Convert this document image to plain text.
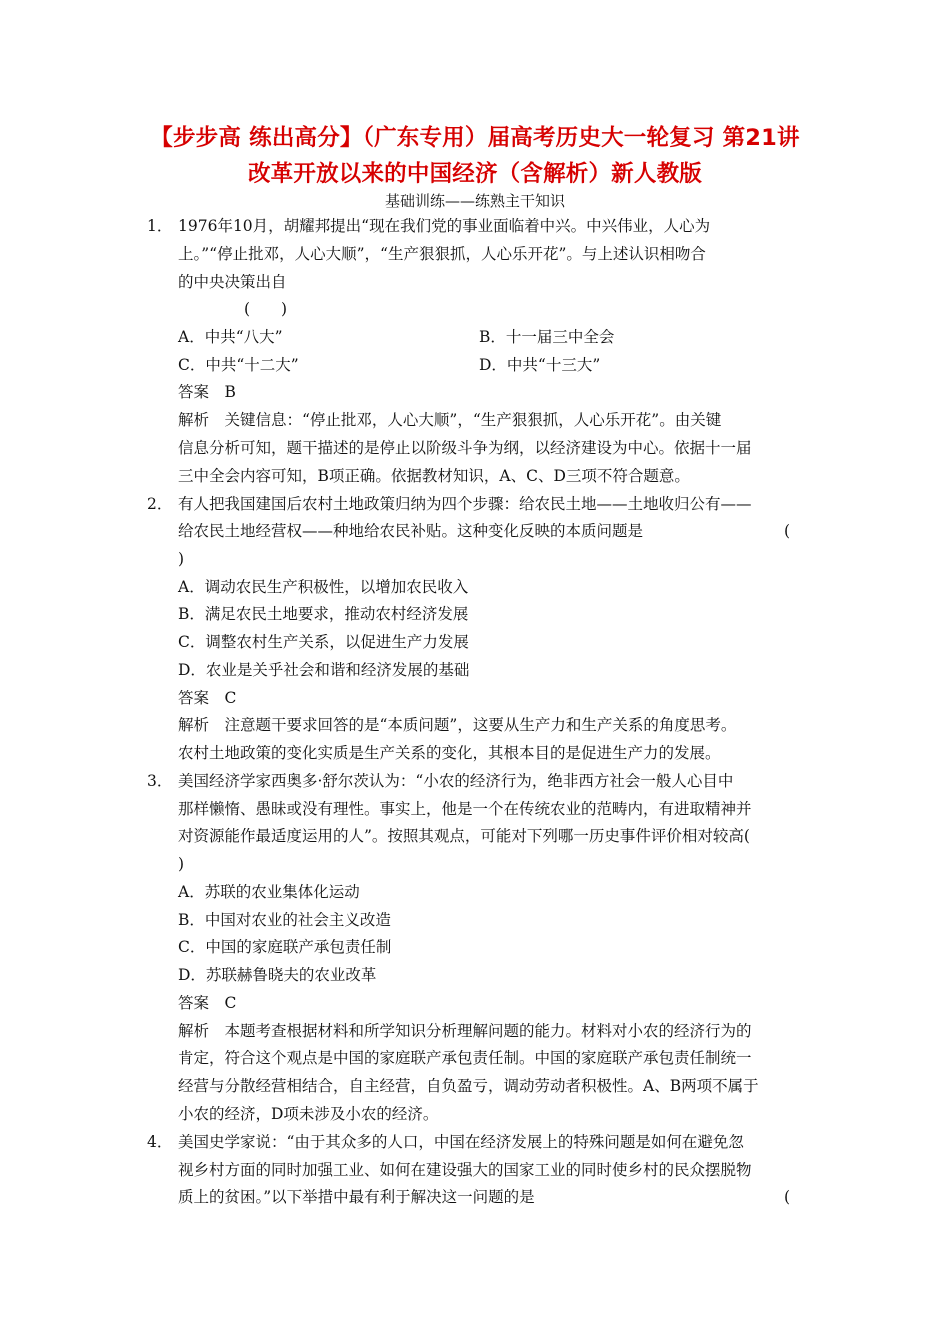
【步步高 练出高分】（广东专用）届高考历史大一轮复习 第21讲
改革开放以来的中国经济（含解析）新人教版
基础训练——练熟主干知识
1． 1976年10月，胡耀邦提出“现在我们党的事业面临着中兴。中兴伟业，人心为
上。”“停止批邓，人心大顺”，“生产狠狠抓，人心乐开花”。与上述认识相吻合
的中央决策出自
(　　)
A．中共“八大”	B．十一届三中全会
C．中共“十二大”	D．中共“十三大”
答案　B
解析　关键信息：“停止批邓，人心大顺”，“生产狠狠抓，人心乐开花”。由关键
信息分析可知，题干描述的是停止以阶级斗争为纲，以经济建设为中心。依据十一届
三中全会内容可知，B项正确。依据教材知识，A、C、D三项不符合题意。
2． 有人把我国建国后农村土地政策归纳为四个步骤：给农民土地——土地收归公有——
给农民土地经营权——种地给农民补贴。这种变化反映的本质问题是	(
)
A．调动农民生产积极性，以增加农民收入
B．满足农民土地要求，推动农村经济发展
C．调整农村生产关系，以促进生产力发展
D．农业是关乎社会和谐和经济发展的基础
答案　C
解析　注意题干要求回答的是“本质问题”，这要从生产力和生产关系的角度思考。
农村土地政策的变化实质是生产关系的变化，其根本目的是促进生产力的发展。
3． 美国经济学家西奥多·舒尔茨认为：“小农的经济行为，绝非西方社会一般人心目中
那样懒惰、愚昧或没有理性。事实上，他是一个在传统农业的范畴内，有进取精神并
对资源能作最适度运用的人”。按照其观点，可能对下列哪一历史事件评价相对较高(
)
A．苏联的农业集体化运动
B．中国对农业的社会主义改造
C．中国的家庭联产承包责任制
D．苏联赫鲁晓夫的农业改革
答案　C
解析　本题考查根据材料和所学知识分析理解问题的能力。材料对小农的经济行为的
肯定，符合这个观点是中国的家庭联产承包责任制。中国的家庭联产承包责任制统一
经营与分散经营相结合，自主经营，自负盈亏，调动劳动者积极性。A、B两项不属于
小农的经济，D项未涉及小农的经济。
4． 美国史学家说：“由于其众多的人口，中国在经济发展上的特殊问题是如何在避免忽
视乡村方面的同时加强工业、如何在建设强大的国家工业的同时使乡村的民众摆脱物
质上的贫困。”以下举措中最有利于解决这一问题的是	(
